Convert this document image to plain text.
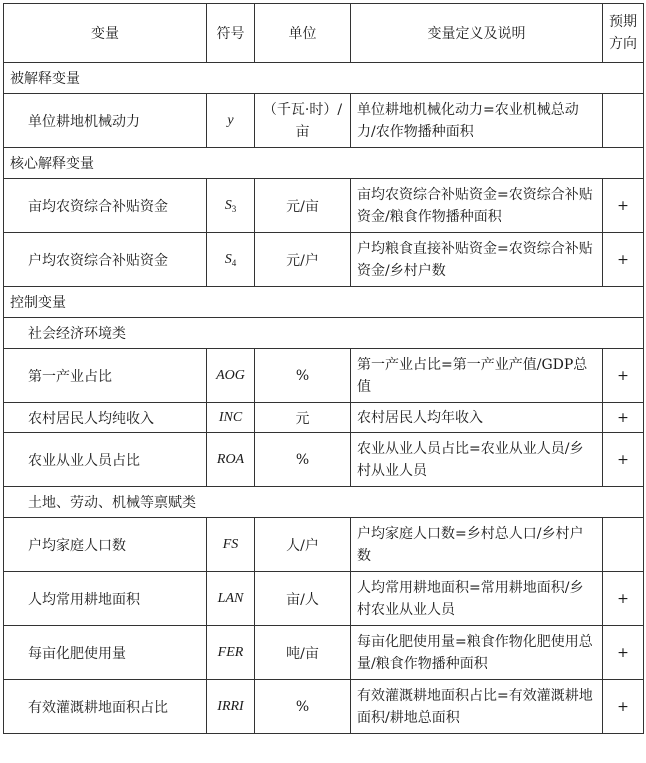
变量	符号	单位	变量定义及说明	预期方向

被解释变量				
单位耕地机械动力	y	（千瓦·时）/亩	单位耕地机械化动力=农业机械总动力/农作物播种面积	
核心解释变量				
亩均农资综合补贴资金	$S_3$	元/亩	亩均农资综合补贴资金=农资综合补贴资金/粮食作物播种面积	+
户均农资综合补贴资金	$S_4$	元/户	户均粮食直接补贴资金=农资综合补贴资金/乡村户数	+
控制变量				
社会经济环境类				
第一产业占比	AOG	%	第一产业占比=第一产业产值/GDP总值	+
农村居民人均纯收入	INC	元	农村居民人均年收入	+
农业从业人员占比	ROA	%	农业从业人员占比=农业从业人员/乡村从业人员	+
土地、劳动、机械等禀赋类				
户均家庭人口数	FS	人/户	户均家庭人口数=乡村总人口/乡村户数	
人均常用耕地面积	LAN	亩/人	人均常用耕地面积=常用耕地面积/乡村农业从业人员	+
每亩化肥使用量	FER	吨/亩	每亩化肥使用量=粮食作物化肥使用总量/粮食作物播种面积	+
有效灌溉耕地面积占比	IRRI	%	有效灌溉耕地面积占比=有效灌溉耕地面积/耕地总面积	+
